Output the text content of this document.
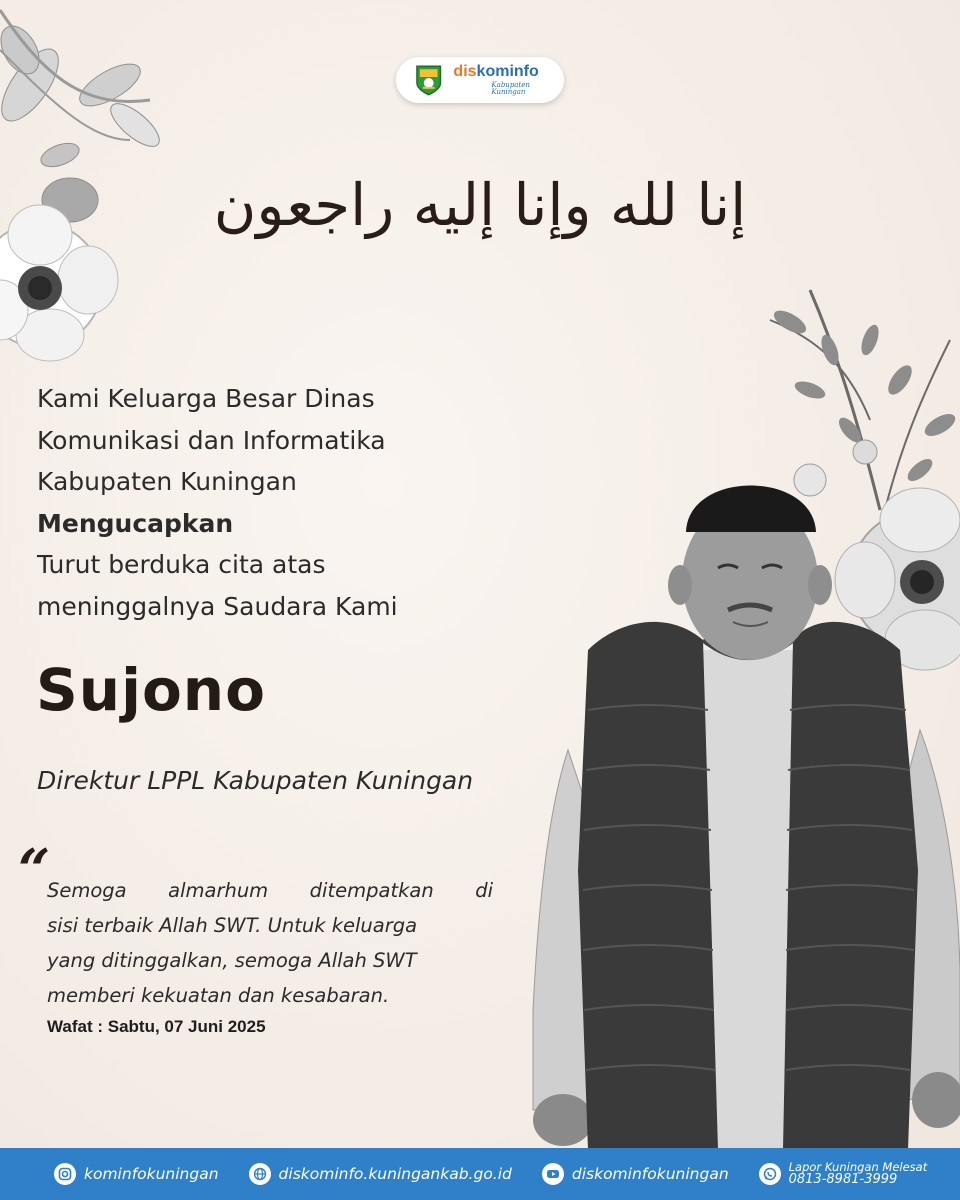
diskominfo
Kabupaten Kuningan
إنا لله وإنا إليه راجعون
Kami Keluarga Besar Dinas
Komunikasi dan Informatika
Kabupaten Kuningan
Mengucapkan
Turut berduka cita atas
meninggalnya Saudara Kami
Sujono
Direktur LPPL Kabupaten Kuningan
“
Semoga almarhum ditempatkan di
sisi terbaik Allah SWT. Untuk keluarga
yang ditinggalkan, semoga Allah SWT
memberi kekuatan dan kesabaran.
Wafat : Sabtu, 07 Juni 2025
kominfokuningan	diskominfo.kuningankab.go.id	diskominfokuningan	Lapor Kuningan Melesat
0813-8981-3999
